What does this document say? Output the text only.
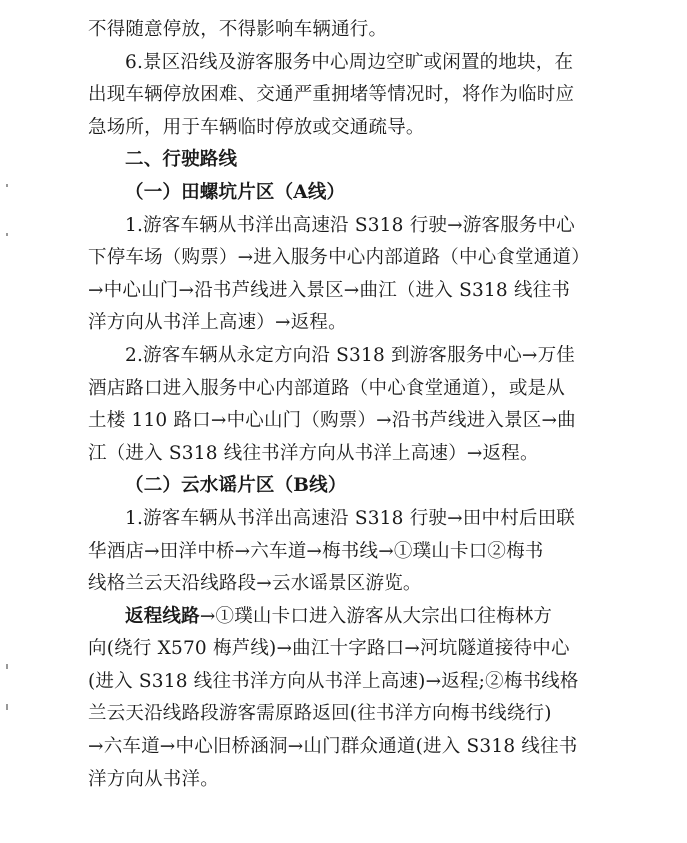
不得随意停放，不得影响车辆通行。

6.景区沿线及游客服务中心周边空旷或闲置的地块，在
出现车辆停放困难、交通严重拥堵等情况时，将作为临时应
急场所，用于车辆临时停放或交通疏导。

二、行驶路线

（一）田螺坑片区（A线）

1.游客车辆从书洋出高速沿 S318 行驶→游客服务中心
下停车场（购票）→进入服务中心内部道路（中心食堂通道）
→中心山门→沿书芦线进入景区→曲江（进入 S318 线往书
洋方向从书洋上高速）→返程。

2.游客车辆从永定方向沿 S318 到游客服务中心→万佳
酒店路口进入服务中心内部道路（中心食堂通道），或是从
土楼 110 路口→中心山门（购票）→沿书芦线进入景区→曲
江（进入 S318 线往书洋方向从书洋上高速）→返程。

（二）云水谣片区（B线）

1.游客车辆从书洋出高速沿 S318 行驶→田中村后田联
华酒店→田洋中桥→六车道→梅书线→①璞山卡口②梅书
线格兰云天沿线路段→云水谣景区游览。

返程线路→①璞山卡口进入游客从大宗出口往梅林方
向(绕行 X570 梅芦线)→曲江十字路口→河坑隧道接待中心
(进入 S318 线往书洋方向从书洋上高速)→返程;②梅书线格
兰云天沿线路段游客需原路返回(往书洋方向梅书线绕行)
→六车道→中心旧桥涵洞→山门群众通道(进入 S318 线往书
洋方向从书洋。
